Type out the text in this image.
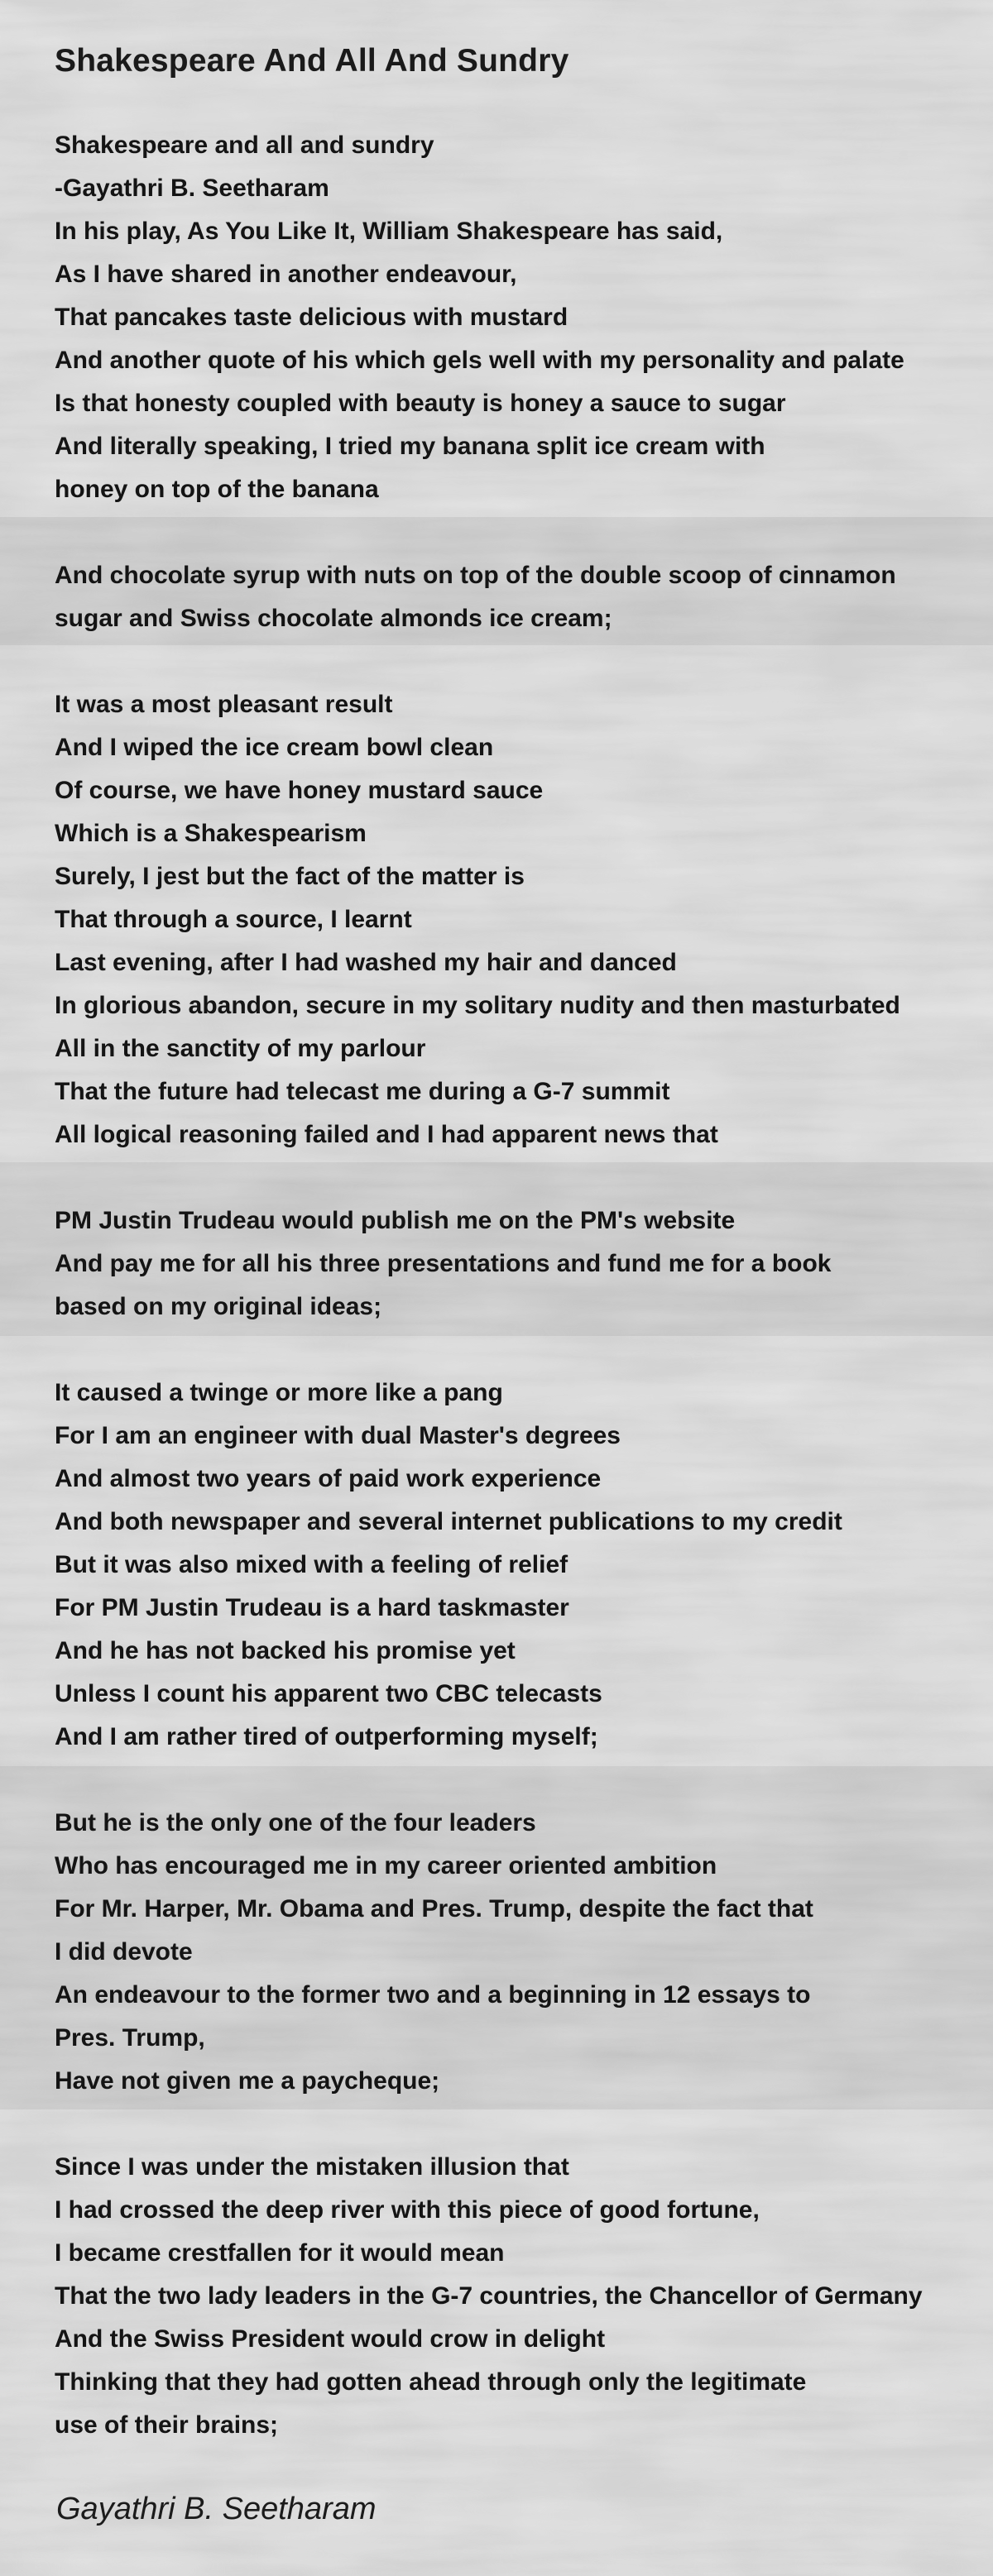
Shakespeare And All And Sundry
Shakespeare and all and sundry
-Gayathri B. Seetharam
In his play, As You Like It, William Shakespeare has said,
As I have shared in another endeavour,
That pancakes taste delicious with mustard
And another quote of his which gels well with my personality and palate
Is that honesty coupled with beauty is honey a sauce to sugar
And literally speaking, I tried my banana split ice cream with
honey on top of the banana
And chocolate syrup with nuts on top of the double scoop of cinnamon
sugar and Swiss chocolate almonds ice cream;
It was a most pleasant result
And I wiped the ice cream bowl clean
Of course, we have honey mustard sauce
Which is a Shakespearism
Surely, I jest but the fact of the matter is
That through a source, I learnt
Last evening, after I had washed my hair and danced
In glorious abandon, secure in my solitary nudity and then masturbated
All in the sanctity of my parlour
That the future had telecast me during a G-7 summit
All logical reasoning failed and I had apparent news that
PM Justin Trudeau would publish me on the PM's website
And pay me for all his three presentations and fund me for a book
based on my original ideas;
It caused a twinge or more like a pang
For I am an engineer with dual Master's degrees
And almost two years of paid work experience
And both newspaper and several internet publications to my credit
But it was also mixed with a feeling of relief
For PM Justin Trudeau is a hard taskmaster
And he has not backed his promise yet
Unless I count his apparent two CBC telecasts
And I am rather tired of outperforming myself;
But he is the only one of the four leaders
Who has encouraged me in my career oriented ambition
For Mr. Harper, Mr. Obama and Pres. Trump, despite the fact that
I did devote
An endeavour to the former two and a beginning in 12 essays to
Pres. Trump,
Have not given me a paycheque;
Since I was under the mistaken illusion that
I had crossed the deep river with this piece of good fortune,
I became crestfallen for it would mean
That the two lady leaders in the G-7 countries, the Chancellor of Germany
And the Swiss President would crow in delight
Thinking that they had gotten ahead through only the legitimate
use of their brains;

Gayathri B. Seetharam
